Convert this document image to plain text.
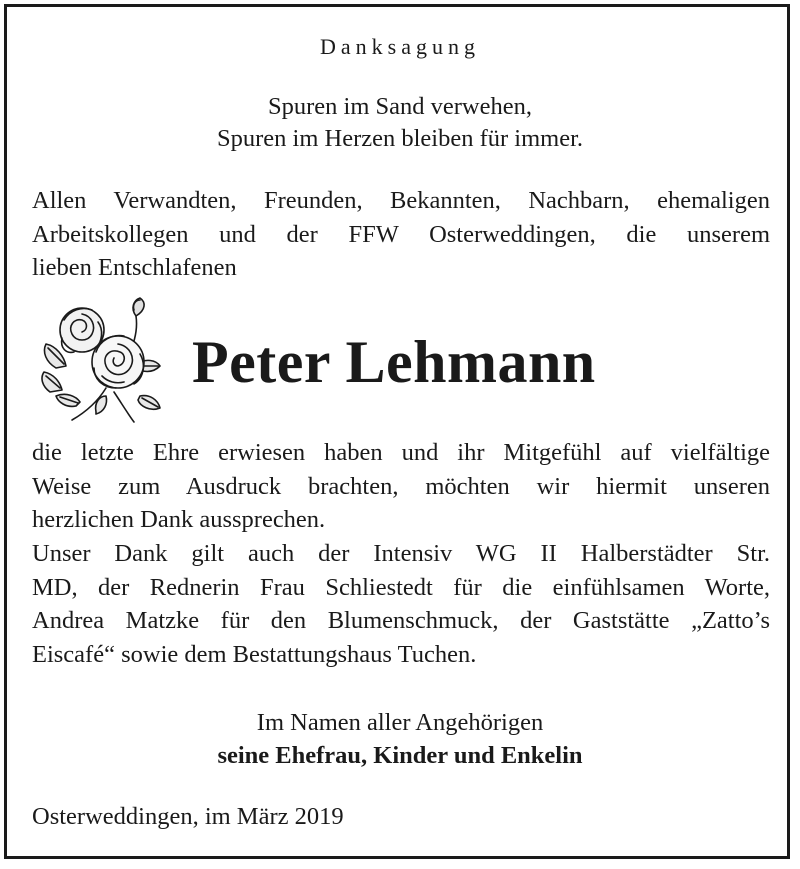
Danksagung
Spuren im Sand verwehen,
Spuren im Herzen bleiben für immer.
Allen Verwandten, Freunden, Bekannten, Nachbarn, ehemaligen
Arbeitskollegen und der FFW Osterweddingen, die unserem
lieben Entschlafenen
Peter Lehmann
die letzte Ehre erwiesen haben und ihr Mitgefühl auf vielfältige
Weise zum Ausdruck brachten, möchten wir hiermit unseren
herzlichen Dank aussprechen.
Unser Dank gilt auch der Intensiv WG II Halberstädter Str.
MD, der Rednerin Frau Schliestedt für die einfühlsamen Worte,
Andrea Matzke für den Blumenschmuck, der Gaststätte „Zatto’s
Eiscafé“ sowie dem Bestattungshaus Tuchen.
Im Namen aller Angehörigen
seine Ehefrau, Kinder und Enkelin
Osterweddingen, im März 2019
